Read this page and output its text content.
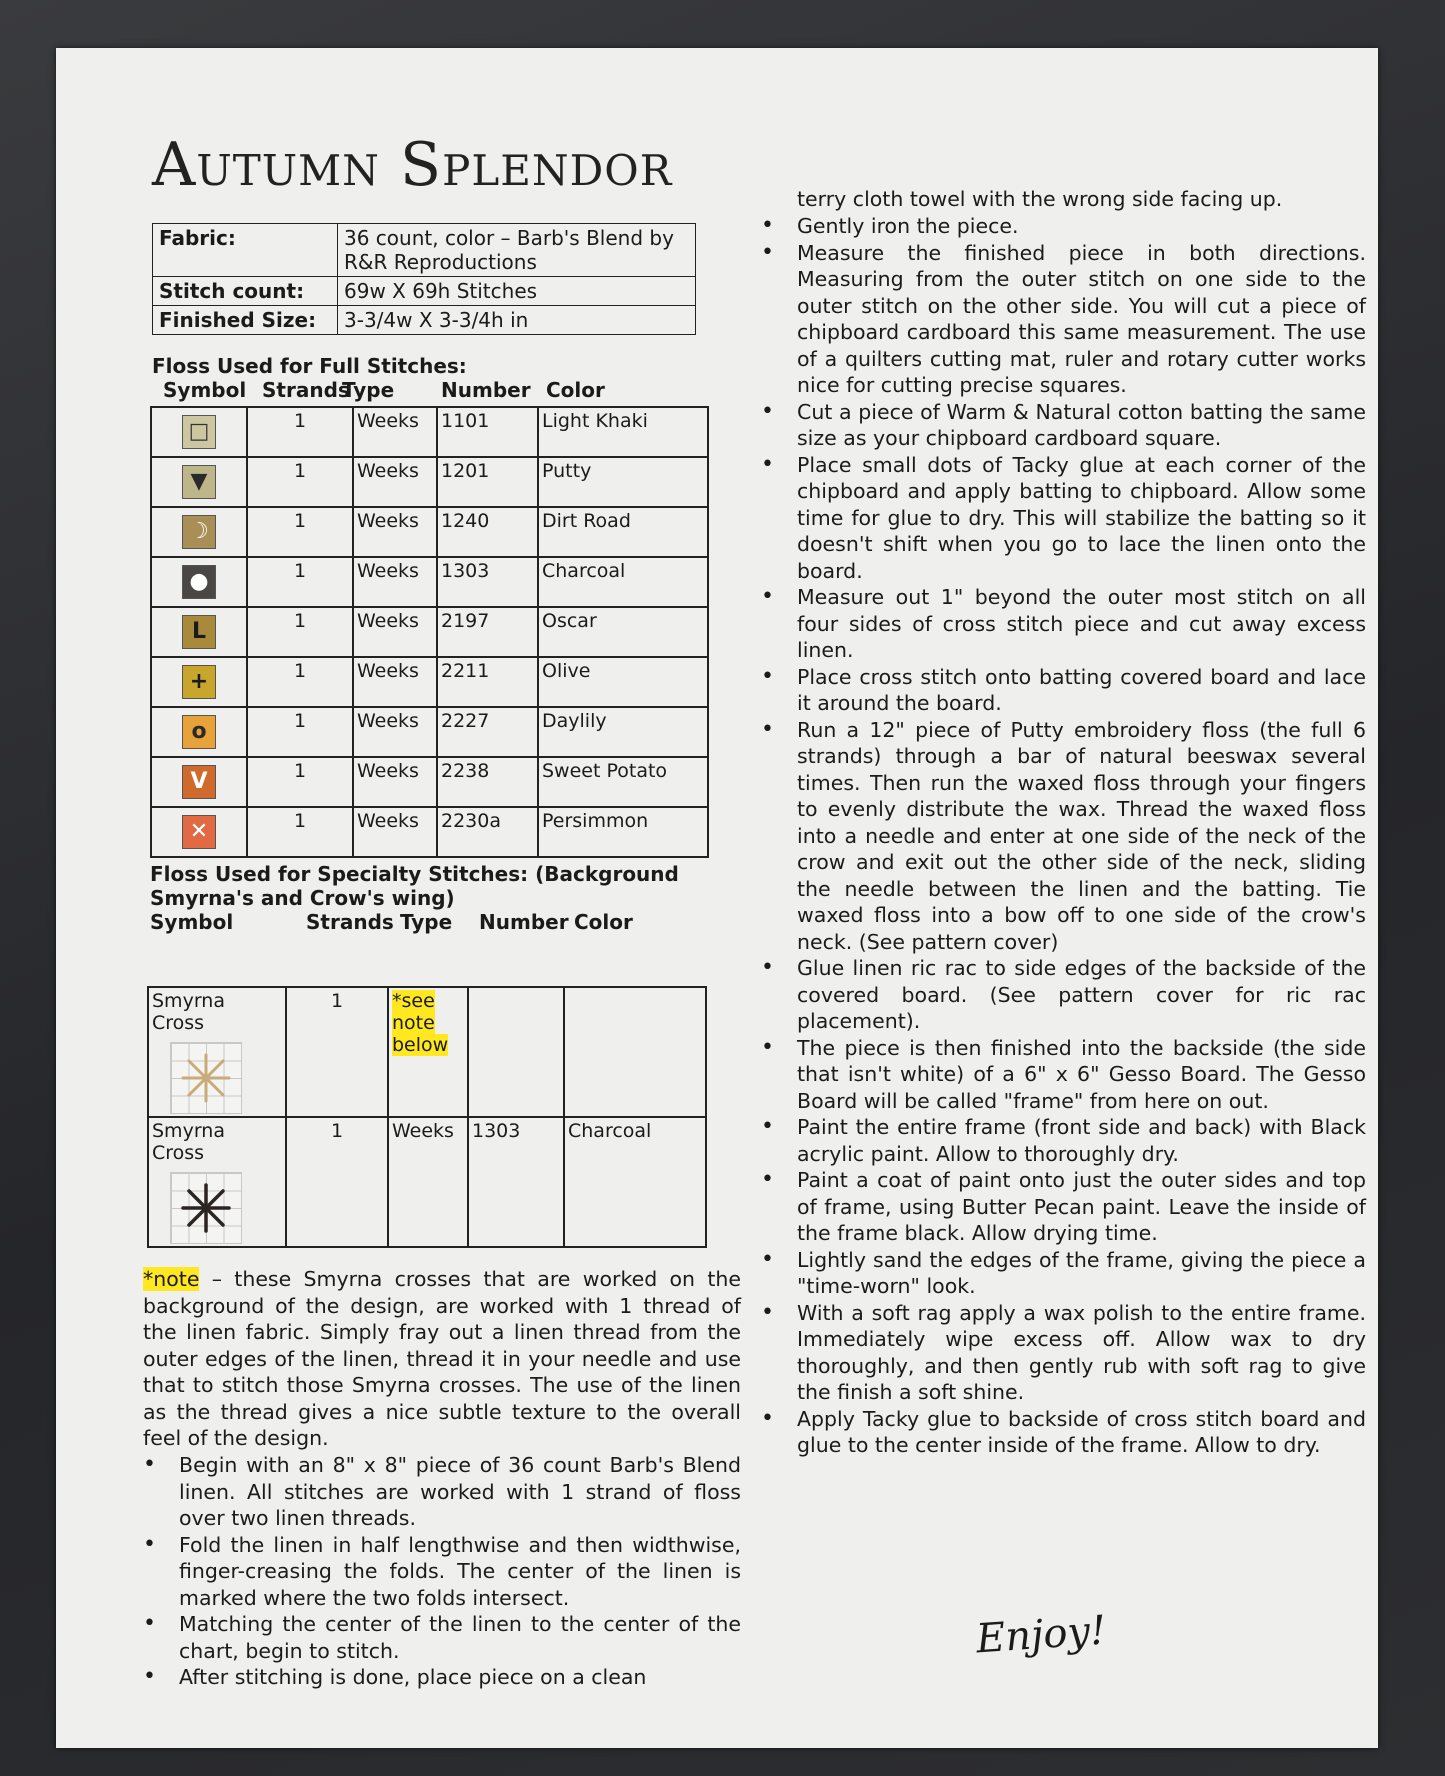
Autumn Splendor
Fabric:	36 count, color – Barb's Blend by R&R Reproductions
Stitch count:	69w X 69h Stitches
Finished Size:	3-3/4w X 3-3/4h in
Floss Used for Full Stitches:
Symbol Strands
Type Number Color
□	1	Weeks	1101	Light Khaki
▼	1	Weeks	1201	Putty
☽	1	Weeks	1240	Dirt Road
●	1	Weeks	1303	Charcoal
L	1	Weeks	2197	Oscar
+	1	Weeks	2211	Olive
o	1	Weeks	2227	Daylily
V	1	Weeks	2238	Sweet Potato
✕	1	Weeks	2230a	Persimmon
Floss Used for Specialty Stitches: (Background
Smyrna's and Crow's wing)
Symbol	Strands Type Number Color
Smyrna Cross	1	*see note below		
Smyrna Cross	1	Weeks	1303	Charcoal
*note – these Smyrna crosses that are worked on the background of the design, are worked with 1 thread of the linen fabric. Simply fray out a linen thread from the outer edges of the linen, thread it in your needle and use that to stitch those Smyrna crosses. The use of the linen as the thread gives a nice subtle texture to the overall feel of the design.
• Begin with an 8" x 8" piece of 36 count Barb's Blend linen. All stitches are worked with 1 strand of floss over two linen threads.
• Fold the linen in half lengthwise and then widthwise, finger-creasing the folds. The center of the linen is marked where the two folds intersect.
• Matching the center of the linen to the center of the chart, begin to stitch.
• After stitching is done, place piece on a clean
terry cloth towel with the wrong side facing up.
• Gently iron the piece.
• Measure the finished piece in both directions. Measuring from the outer stitch on one side to the outer stitch on the other side. You will cut a piece of chipboard cardboard this same measurement. The use of a quilters cutting mat, ruler and rotary cutter works nice for cutting precise squares.
• Cut a piece of Warm & Natural cotton batting the same size as your chipboard cardboard square.
• Place small dots of Tacky glue at each corner of the chipboard and apply batting to chipboard. Allow some time for glue to dry. This will stabilize the batting so it doesn't shift when you go to lace the linen onto the board.
• Measure out 1" beyond the outer most stitch on all four sides of cross stitch piece and cut away excess linen.
• Place cross stitch onto batting covered board and lace it around the board.
• Run a 12" piece of Putty embroidery floss (the full 6 strands) through a bar of natural beeswax several times. Then run the waxed floss through your fingers to evenly distribute the wax. Thread the waxed floss into a needle and enter at one side of the neck of the crow and exit out the other side of the neck, sliding the needle between the linen and the batting. Tie waxed floss into a bow off to one side of the crow's neck. (See pattern cover)
• Glue linen ric rac to side edges of the backside of the covered board. (See pattern cover for ric rac placement).
• The piece is then finished into the backside (the side that isn't white) of a 6" x 6" Gesso Board. The Gesso Board will be called "frame" from here on out.
• Paint the entire frame (front side and back) with Black acrylic paint. Allow to thoroughly dry.
• Paint a coat of paint onto just the outer sides and top of frame, using Butter Pecan paint. Leave the inside of the frame black. Allow drying time.
• Lightly sand the edges of the frame, giving the piece a "time-worn" look.
• With a soft rag apply a wax polish to the entire frame. Immediately wipe excess off. Allow wax to dry thoroughly, and then gently rub with soft rag to give the finish a soft shine.
• Apply Tacky glue to backside of cross stitch board and glue to the center inside of the frame. Allow to dry.
Enjoy!
